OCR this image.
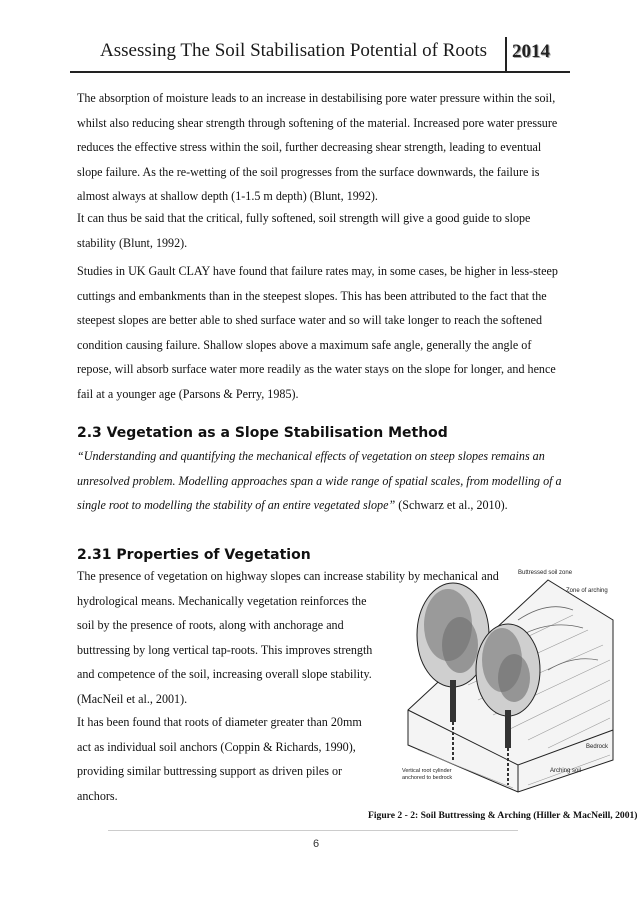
Assessing The Soil Stabilisation Potential of Roots 2014

The absorption of moisture leads to an increase in destabilising pore water pressure within the soil, whilst also reducing shear strength through softening of the material. Increased pore water pressure reduces the effective stress within the soil, further decreasing shear strength, leading to eventual slope failure. As the re-wetting of the soil progresses from the surface downwards, the failure is almost always at shallow depth (1-1.5 m depth) (Blunt, 1992).

It can thus be said that the critical, fully softened, soil strength will give a good guide to slope stability (Blunt, 1992).

Studies in UK Gault CLAY have found that failure rates may, in some cases, be higher in less-steep cuttings and embankments than in the steepest slopes. This has been attributed to the fact that the steepest slopes are better able to shed surface water and so will take longer to reach the softened condition causing failure. Shallow slopes above a maximum safe angle, generally the angle of repose, will absorb surface water more readily as the water stays on the slope for longer, and hence fail at a younger age (Parsons & Perry, 1985).

2.3 Vegetation as a Slope Stabilisation Method

“Understanding and quantifying the mechanical effects of vegetation on steep slopes remains an unresolved problem. Modelling approaches span a wide range of spatial scales, from modelling of a single root to modelling the stability of an entire vegetated slope” (Schwarz et al., 2010).

2.31 Properties of Vegetation
The presence of vegetation on highway slopes can increase stability by mechanical and
hydrological means. Mechanically vegetation reinforces the
soil by the presence of roots, along with anchorage and
buttressing by long vertical tap-roots. This improves strength
and competence of the soil, increasing overall slope stability.
(MacNeil et al., 2001).
It has been found that roots of diameter greater than 20mm
act as individual soil anchors (Coppin & Richards, 1990),
providing similar buttressing support as driven piles or
anchors.
Buttressed soil zone
Zone of arching
Bedrock
Arching soil
Vertical root cylinder
anchored to bedrock
Figure 2 - 2: Soil Buttressing & Arching (Hiller & MacNeill, 2001)
6
